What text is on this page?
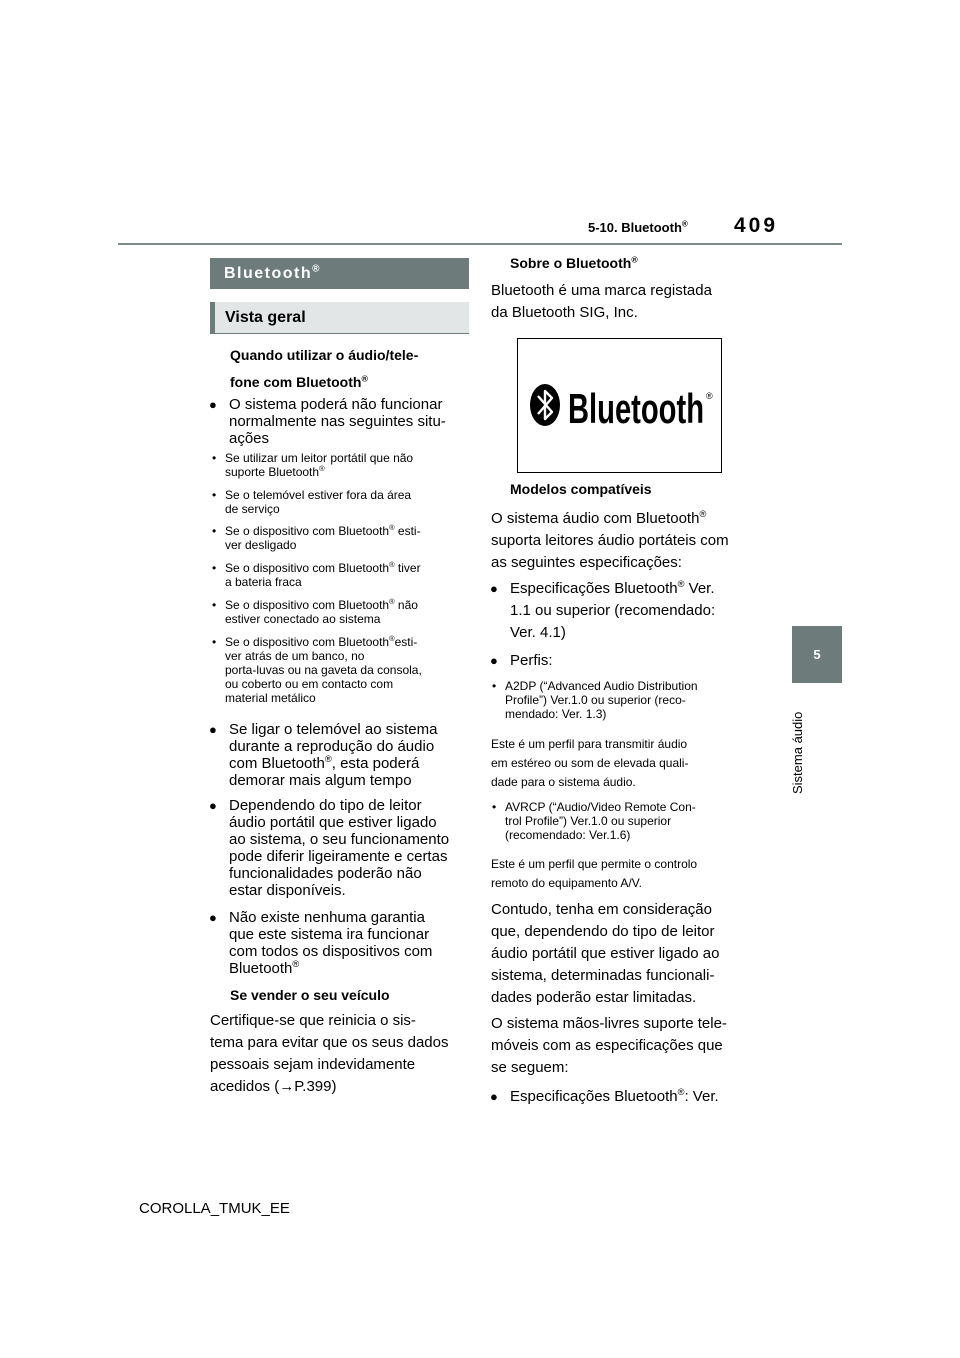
5-10. Bluetooth® 409
5
Sistema áudio
Bluetooth®
Vista geral
Quando utilizar o áudio/tele-
fone com Bluetooth®
● O sistema poderá não funcionar
normalmente nas seguintes situ-
ações
• Se utilizar um leitor portátil que não
suporte Bluetooth®
• Se o telemóvel estiver fora da área
de serviço
• Se o dispositivo com Bluetooth® esti-
ver desligado
• Se o dispositivo com Bluetooth® tiver
a bateria fraca
• Se o dispositivo com Bluetooth® não
estiver conectado ao sistema
• Se o dispositivo com Bluetooth®esti-
ver atrás de um banco, no
porta-luvas ou na gaveta da consola,
ou coberto ou em contacto com
material metálico
● Se ligar o telemóvel ao sistema
durante a reprodução do áudio
com Bluetooth®, esta poderá
demorar mais algum tempo
● Dependendo do tipo de leitor
áudio portátil que estiver ligado
ao sistema, o seu funcionamento
pode diferir ligeiramente e certas
funcionalidades poderão não
estar disponíveis.
● Não existe nenhuma garantia
que este sistema ira funcionar
com todos os dispositivos com
Bluetooth®
Se vender o seu veículo
Certifique-se que reinicia o sis-
tema para evitar que os seus dados
pessoais sejam indevidamente
acedidos (→P.399)
Sobre o Bluetooth®
Bluetooth é uma marca registada
da Bluetooth SIG, Inc.
Bluetooth ®
Modelos compatíveis
O sistema áudio com Bluetooth®
suporta leitores áudio portáteis com
as seguintes especificações:
● Especificações Bluetooth® Ver.
1.1 ou superior (recomendado:
Ver. 4.1)
● Perfis:
• A2DP (“Advanced Audio Distribution
Profile”) Ver.1.0 ou superior (reco-
mendado: Ver. 1.3)
Este é um perfil para transmitir áudio
em estéreo ou som de elevada quali-
dade para o sistema áudio.
• AVRCP (“Audio/Video Remote Con-
trol Profile”) Ver.1.0 ou superior
(recomendado: Ver.1.6)
Este é um perfil que permite o controlo
remoto do equipamento A/V.
Contudo, tenha em consideração
que, dependendo do tipo de leitor
áudio portátil que estiver ligado ao
sistema, determinadas funcionali-
dades poderão estar limitadas.
O sistema mãos-livres suporte tele-
móveis com as especificações que
se seguem:
● Especificações Bluetooth®: Ver.
COROLLA_TMUK_EE
